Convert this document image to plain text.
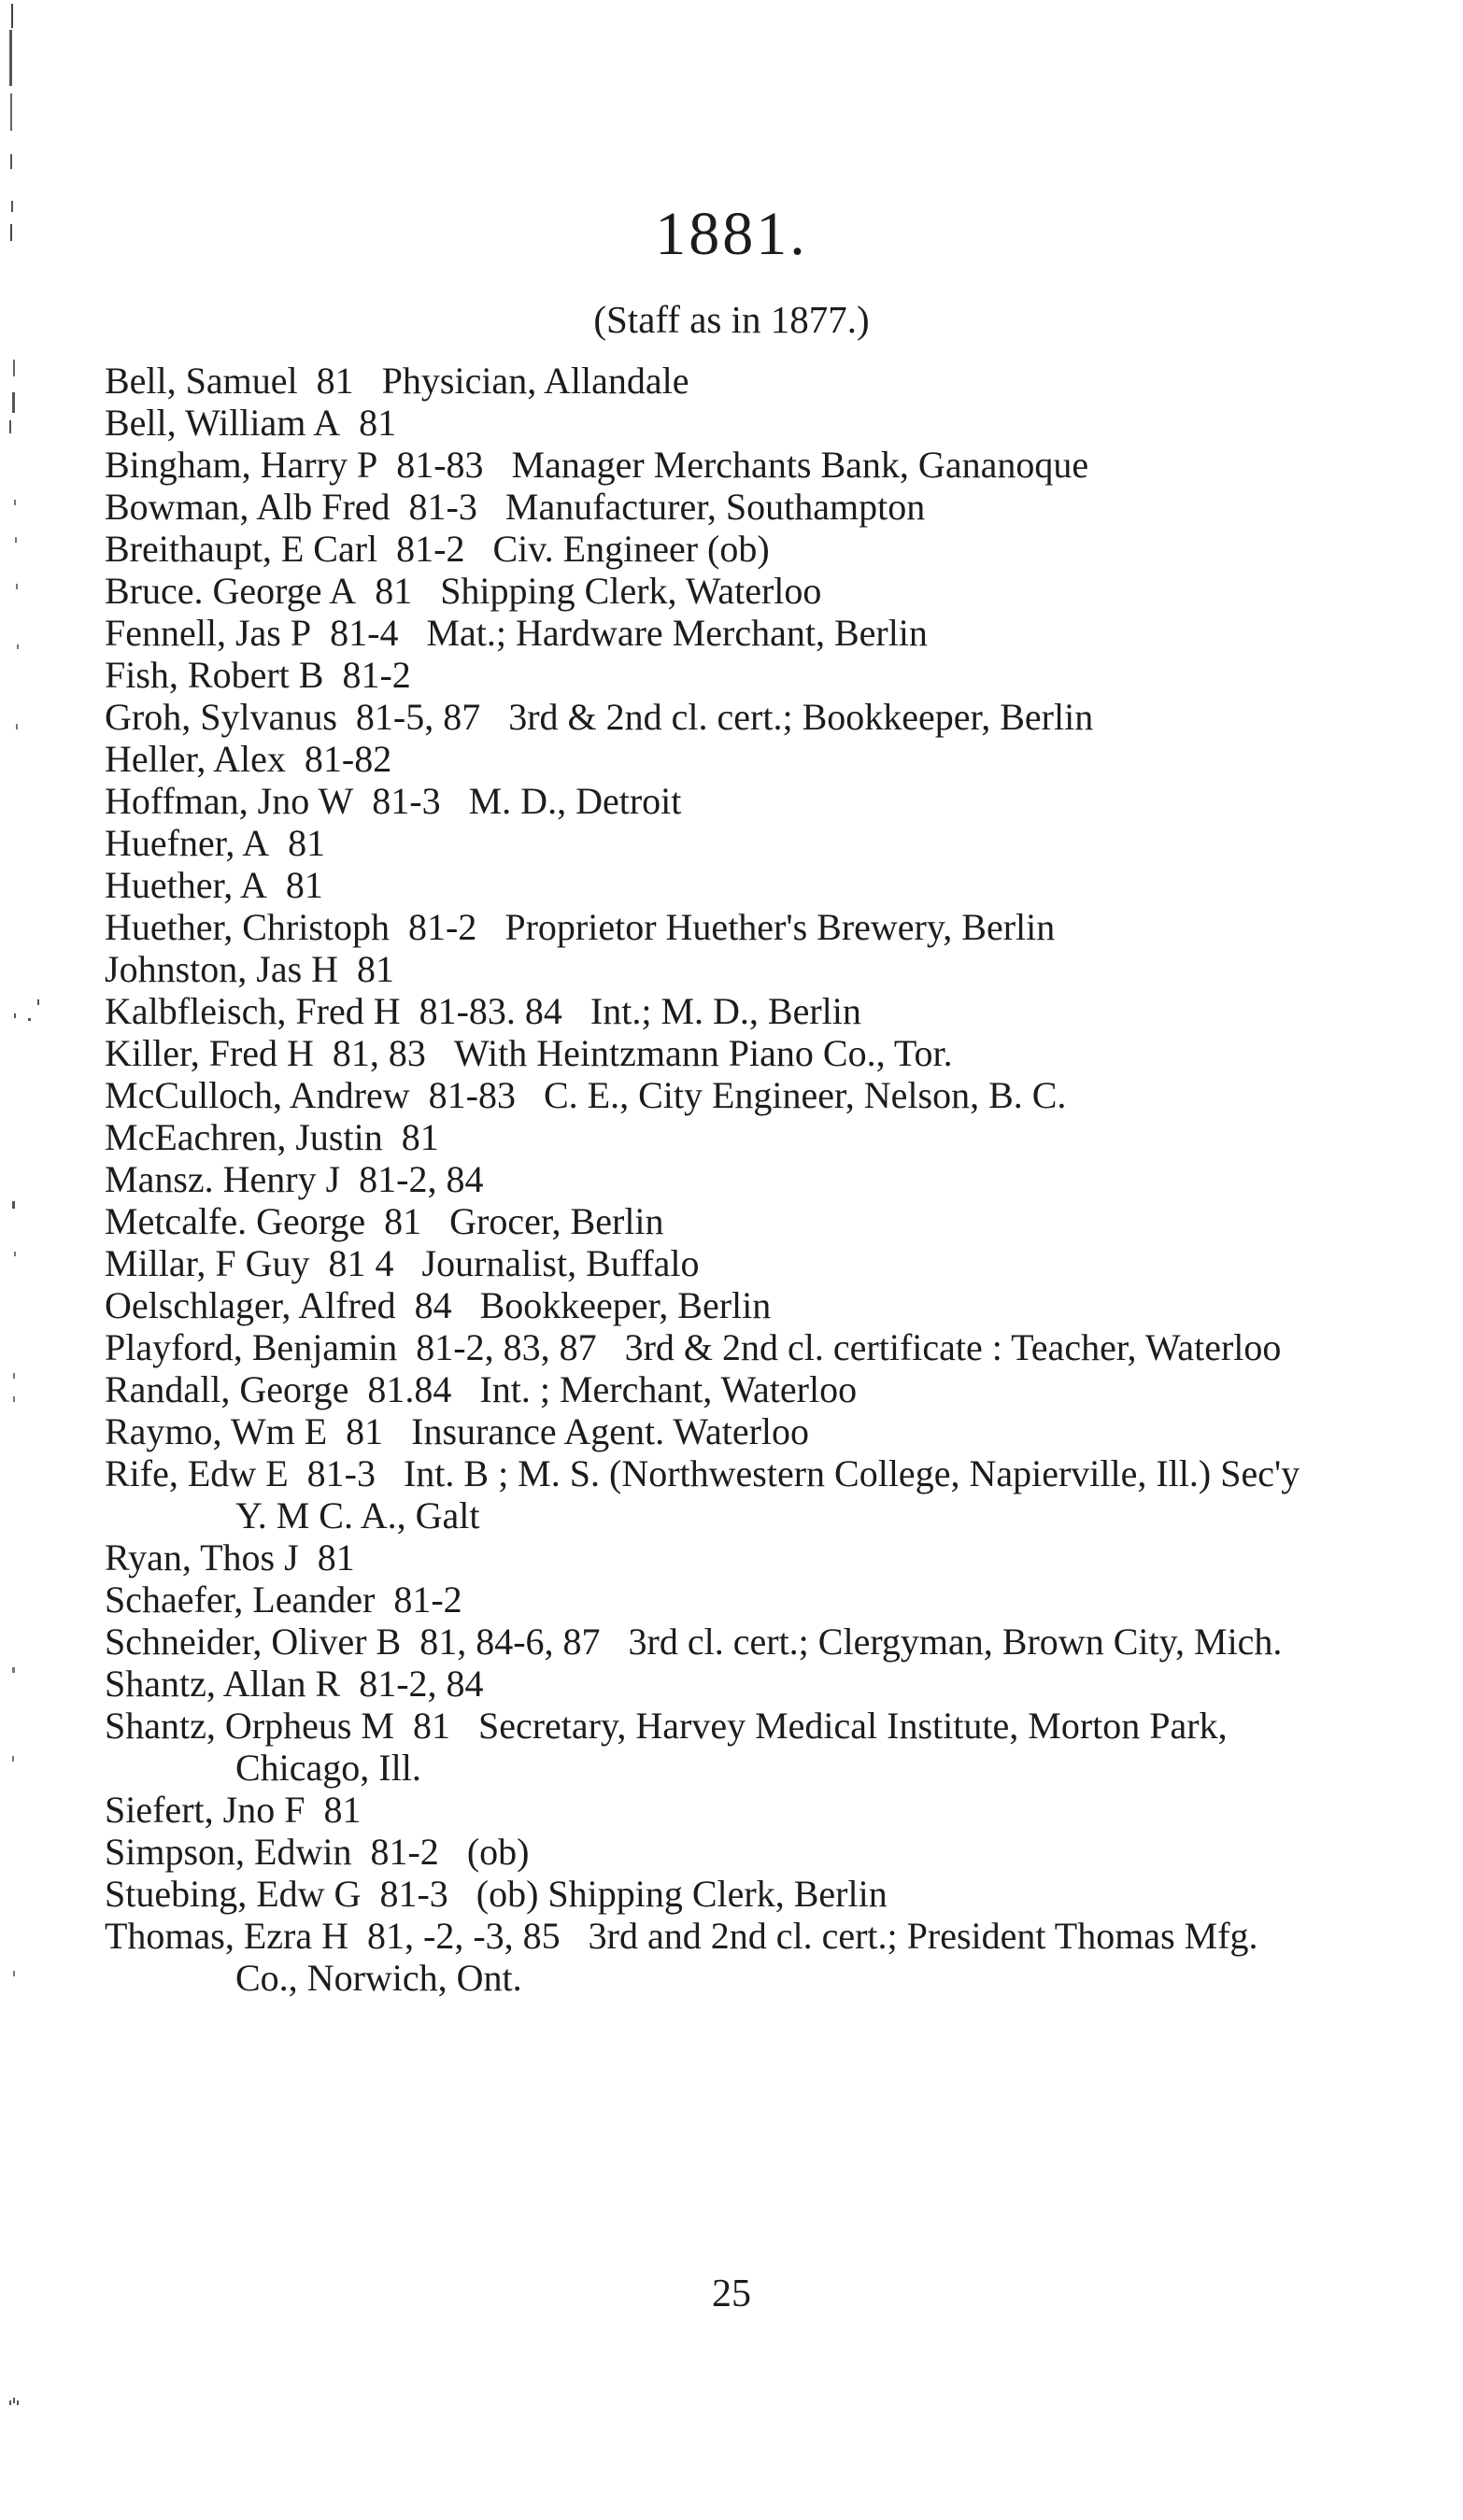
1881.
(Staff as in 1877.)
Bell, Samuel 81 Physician, Allandale
Bell, William A 81
Bingham, Harry P 81-83 Manager Merchants Bank, Gananoque
Bowman, Alb Fred 81-3 Manufacturer, Southampton
Breithaupt, E Carl 81-2 Civ. Engineer (ob)
Bruce. George A 81 Shipping Clerk, Waterloo
Fennell, Jas P 81-4 Mat.; Hardware Merchant, Berlin
Fish, Robert B 81-2
Groh, Sylvanus 81-5, 87 3rd & 2nd cl. cert.; Bookkeeper, Berlin
Heller, Alex 81-82
Hoffman, Jno W 81-3 M. D., Detroit
Huefner, A 81
Huether, A 81
Huether, Christoph 81-2 Proprietor Huether's Brewery, Berlin
Johnston, Jas H 81
Kalbfleisch, Fred H 81-83. 84 Int.; M. D., Berlin
Killer, Fred H 81, 83 With Heintzmann Piano Co., Tor.
McCulloch, Andrew 81-83 C. E., City Engineer, Nelson, B. C.
McEachren, Justin 81
Mansz. Henry J 81-2, 84
Metcalfe. George 81 Grocer, Berlin
Millar, F Guy 81 4 Journalist, Buffalo
Oelschlager, Alfred 84 Bookkeeper, Berlin
Playford, Benjamin 81-2, 83, 87 3rd & 2nd cl. certificate : Teacher, Waterloo
Randall, George 81.84 Int. ; Merchant, Waterloo
Raymo, Wm E 81 Insurance Agent. Waterloo
Rife, Edw E 81-3 Int. B ; M. S. (Northwestern College, Napierville, Ill.) Sec'y Y. M C. A., Galt
Ryan, Thos J 81
Schaefer, Leander 81-2
Schneider, Oliver B 81, 84-6, 87 3rd cl. cert.; Clergyman, Brown City, Mich.
Shantz, Allan R 81-2, 84
Shantz, Orpheus M 81 Secretary, Harvey Medical Institute, Morton Park, Chicago, Ill.
Siefert, Jno F 81
Simpson, Edwin 81-2 (ob)
Stuebing, Edw G 81-3 (ob) Shipping Clerk, Berlin
Thomas, Ezra H 81, -2, -3, 85 3rd and 2nd cl. cert.; President Thomas Mfg. Co., Norwich, Ont.
25
